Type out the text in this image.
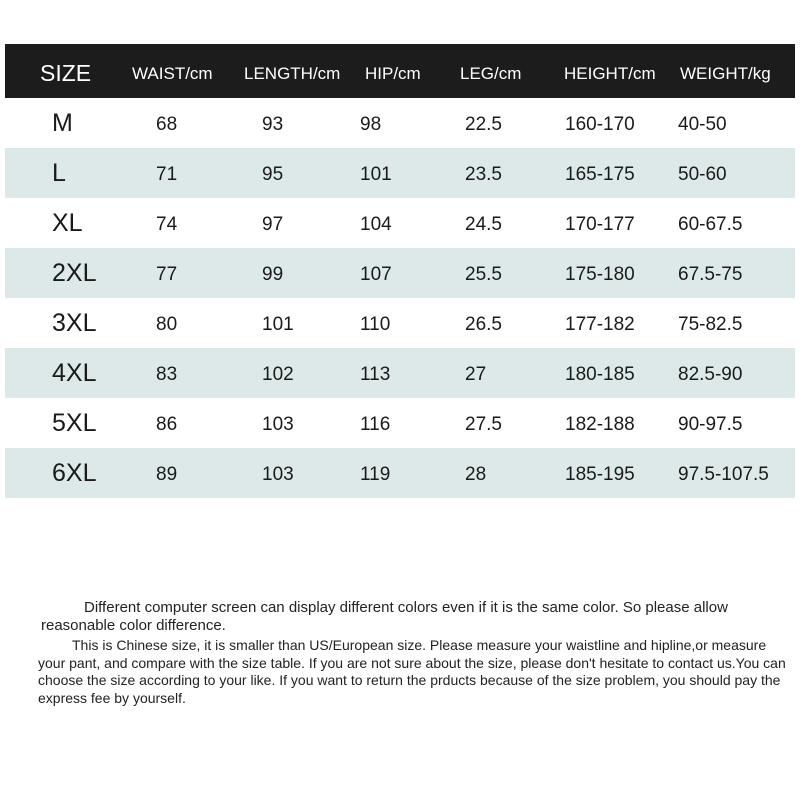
SIZE WAIST/cm LENGTH/cm HIP/cm LEG/cm	HEIGHT/cm WEIGHT/kg
M	68	93	98	22.5	160-170 40-50
L	71	95	101	23.5	165-175 50-60
XL	74	97	104	24.5	170-177 60-67.5
2XL	77	99	107	25.5	175-180 67.5-75
3XL	80	101	110	26.5	177-182 75-82.5
4XL	83	102	113	27	180-185 82.5-90
5XL	86	103	116	27.5	182-188 90-97.5
6XL	89	103	119	28	185-195 97.5-107.5

Different computer screen can display different colors even if it is the same color. So please allow reasonable color difference.

This is Chinese size, it is smaller than US/European size. Please measure your waistline and hipline,or measure your pant, and compare with the size table. If you are not sure about the size, please don't hesitate to contact us.You can choose the size according to your like. If you want to return the prducts because of the size problem, you should pay the express fee by yourself.
